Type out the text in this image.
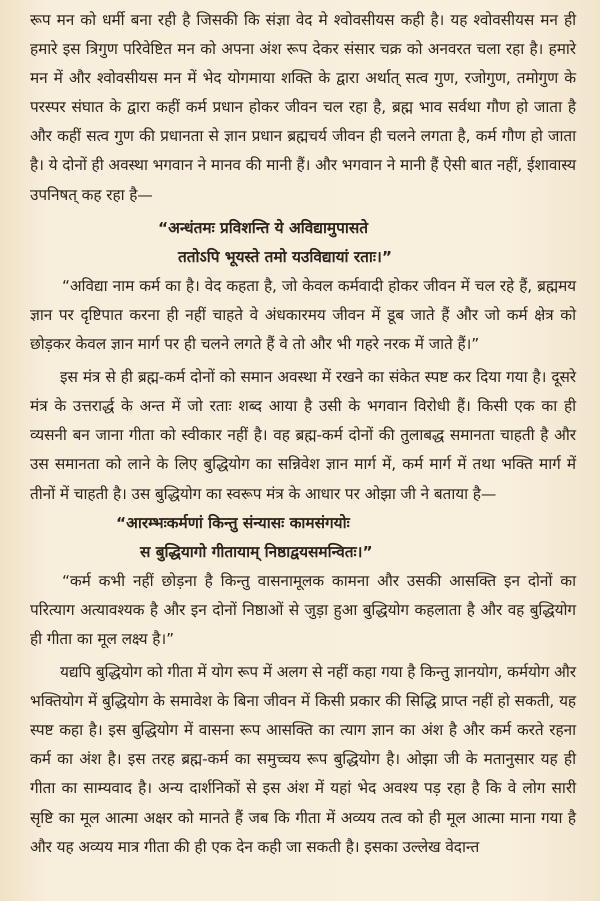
रूप मन को धर्मी बना रही है जिसकी कि संज्ञा वेद मे श्वोवसीयस कही है। यह श्वोवसीयस मन ही हमारे इस त्रिगुण परिवेष्टित मन को अपना अंश रूप देकर संसार चक्र को अनवरत चला रहा है। हमारे मन में और श्वोवसीयस मन में भेद योगमाया शक्ति के द्वारा अर्थात् सत्व गुण, रजोगुण, तमोगुण के परस्पर संघात के द्वारा कहीं कर्म प्रधान होकर जीवन चल रहा है, ब्रह्म भाव सर्वथा गौण हो जाता है और कहीं सत्व गुण की प्रधानता से ज्ञान प्रधान ब्रह्मचर्य जीवन ही चलने लगता है, कर्म गौण हो जाता है। ये दोनों ही अवस्था भगवान ने मानव की मानी हैं। और भगवान ने मानी हैं ऐसी बात नहीं, ईशावास्य उपनिषत् कह रहा है—

“अन्धंतमः प्रविशन्ति ये अविद्यामुपासते

ततोऽपि भूयस्ते तमो यउविद्यायां रताः।”

“अविद्या नाम कर्म का है। वेद कहता है, जो केवल कर्मवादी होकर जीवन में चल रहे हैं, ब्रह्ममय ज्ञान पर दृष्टिपात करना ही नहीं चाहते वे अंधकारमय जीवन में डूब जाते हैं और जो कर्म क्षेत्र को छोड़कर केवल ज्ञान मार्ग पर ही चलने लगते हैं वे तो और भी गहरे नरक में जाते हैं।”

इस मंत्र से ही ब्रह्म-कर्म दोनों को समान अवस्था में रखने का संकेत स्पष्ट कर दिया गया है। दूसरे मंत्र के उत्तरार्द्ध के अन्त में जो रताः शब्द आया है उसी के भगवान विरोधी हैं। किसी एक का ही व्यसनी बन जाना गीता को स्वीकार नहीं है। वह ब्रह्म-कर्म दोनों की तुलाबद्ध समानता चाहती है और उस समानता को लाने के लिए बुद्धियोग का सन्निवेश ज्ञान मार्ग में, कर्म मार्ग में तथा भक्ति मार्ग में तीनों में चाहती है। उस बुद्धियोग का स्वरूप मंत्र के आधार पर ओझा जी ने बताया है—

“आरम्भःकर्मणां किन्तु संन्यासः कामसंगयोः

स बुद्धियागो गीतायाम् निष्ठाद्वयसमन्वितः।”

“कर्म कभी नहीं छोड़ना है किन्तु वासनामूलक कामना और उसकी आसक्ति इन दोनों का परित्याग अत्यावश्यक है और इन दोनों निष्ठाओं से जुड़ा हुआ बुद्धियोग कहलाता है और वह बुद्धियोग ही गीता का मूल लक्ष्य है।”

यद्यपि बुद्धियोग को गीता में योग रूप में अलग से नहीं कहा गया है किन्तु ज्ञानयोग, कर्मयोग और भक्तियोग में बुद्धियोग के समावेश के बिना जीवन में किसी प्रकार की सिद्धि प्राप्त नहीं हो सकती, यह स्पष्ट कहा है। इस बुद्धियोग में वासना रूप आसक्ति का त्याग ज्ञान का अंश है और कर्म करते रहना कर्म का अंश है। इस तरह ब्रह्म-कर्म का समुच्चय रूप बुद्धियोग है। ओझा जी के मतानुसार यह ही गीता का साम्यवाद है। अन्य दार्शनिकों से इस अंश में यहां भेद अवश्य पड़ रहा है कि वे लोग सारी सृष्टि का मूल आत्मा अक्षर को मानते हैं जब कि गीता में अव्यय तत्व को ही मूल आत्मा माना गया है और यह अव्यय मात्र गीता की ही एक देन कही जा सकती है। इसका उल्लेख वेदान्त
